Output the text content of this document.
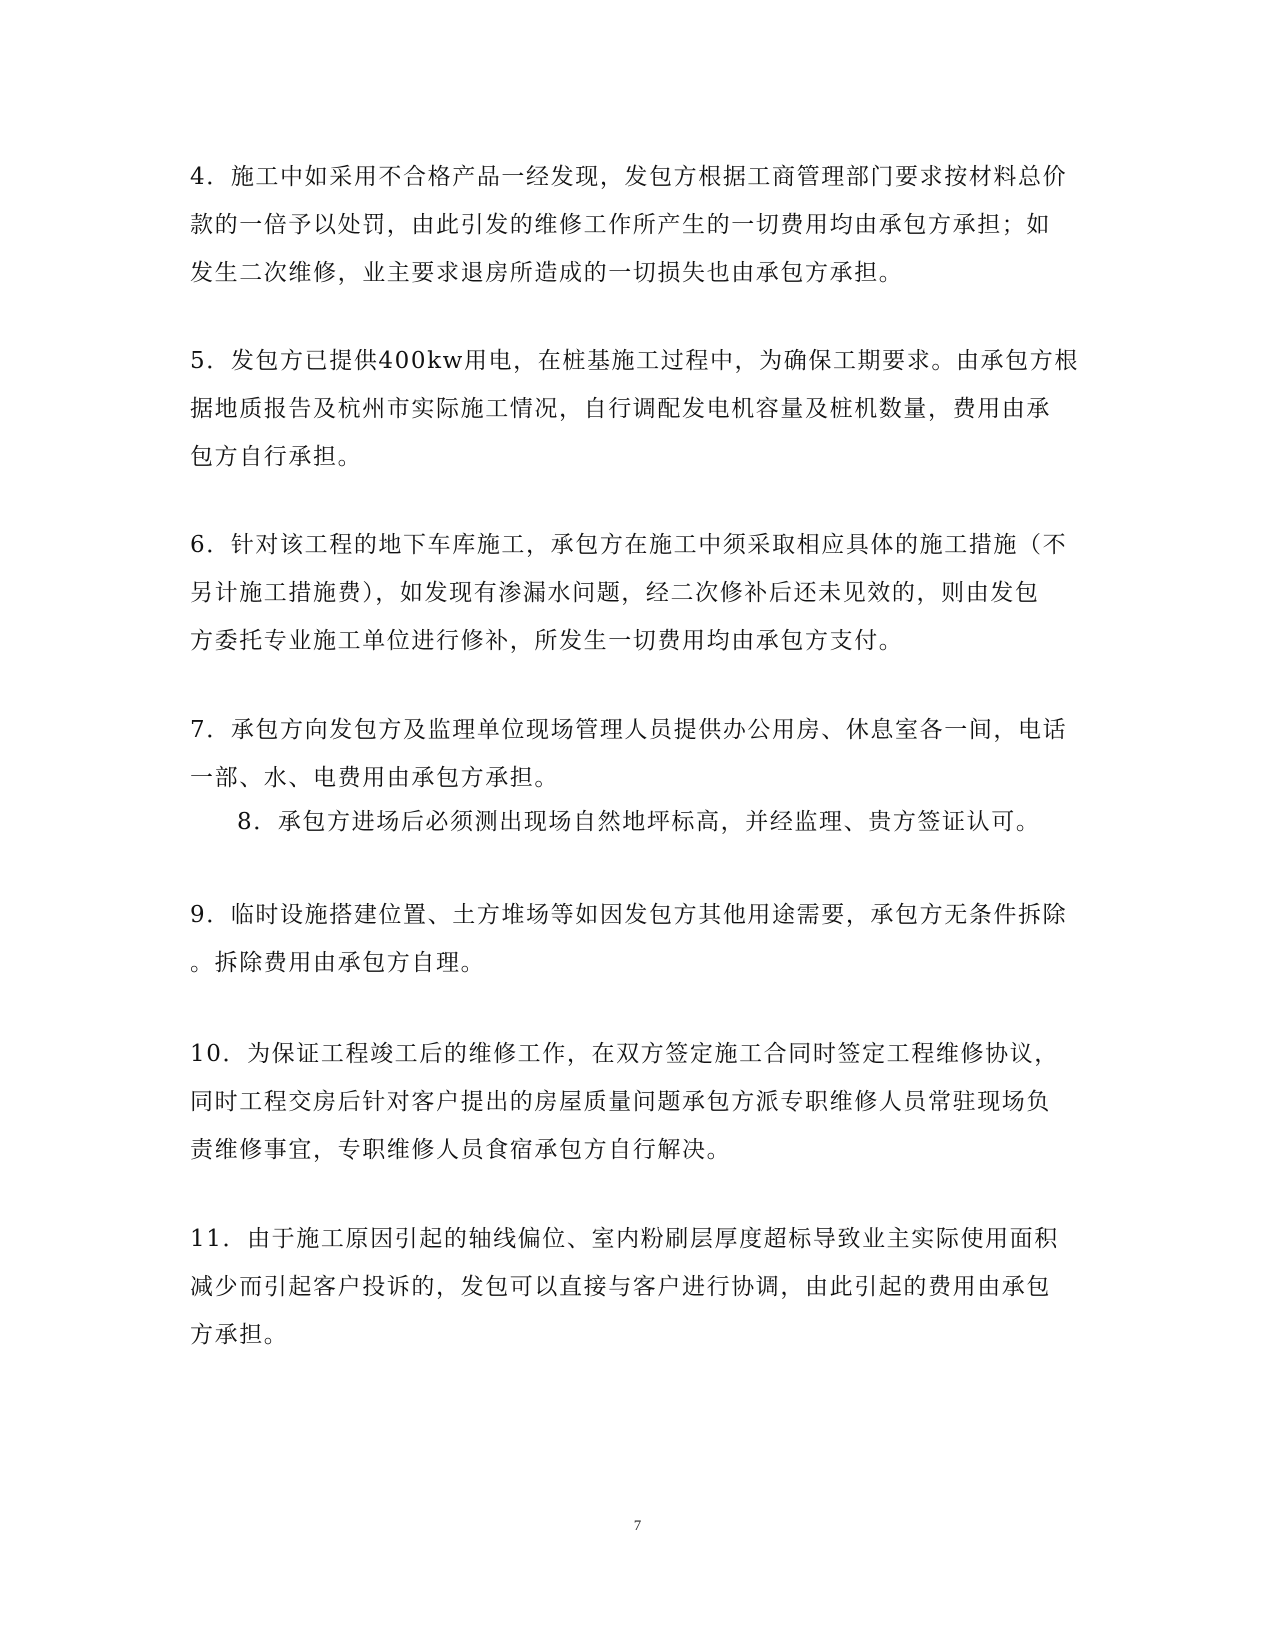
4．施工中如采用不合格产品一经发现，发包方根据工商管理部门要求按材料总价
款的一倍予以处罚，由此引发的维修工作所产生的一切费用均由承包方承担；如
发生二次维修，业主要求退房所造成的一切损失也由承包方承担。

5．发包方已提供400kw用电，在桩基施工过程中，为确保工期要求。由承包方根
据地质报告及杭州市实际施工情况，自行调配发电机容量及桩机数量，费用由承
包方自行承担。

6．针对该工程的地下车库施工，承包方在施工中须采取相应具体的施工措施（不
另计施工措施费），如发现有渗漏水问题，经二次修补后还未见效的，则由发包
方委托专业施工单位进行修补，所发生一切费用均由承包方支付。

7．承包方向发包方及监理单位现场管理人员提供办公用房、休息室各一间，电话
一部、水、电费用由承包方承担。

8．承包方进场后必须测出现场自然地坪标高，并经监理、贵方签证认可。

9．临时设施搭建位置、土方堆场等如因发包方其他用途需要，承包方无条件拆除
。拆除费用由承包方自理。

10．为保证工程竣工后的维修工作，在双方签定施工合同时签定工程维修协议，
同时工程交房后针对客户提出的房屋质量问题承包方派专职维修人员常驻现场负
责维修事宜，专职维修人员食宿承包方自行解决。

11．由于施工原因引起的轴线偏位、室内粉刷层厚度超标导致业主实际使用面积
减少而引起客户投诉的，发包可以直接与客户进行协调，由此引起的费用由承包
方承担。

7
